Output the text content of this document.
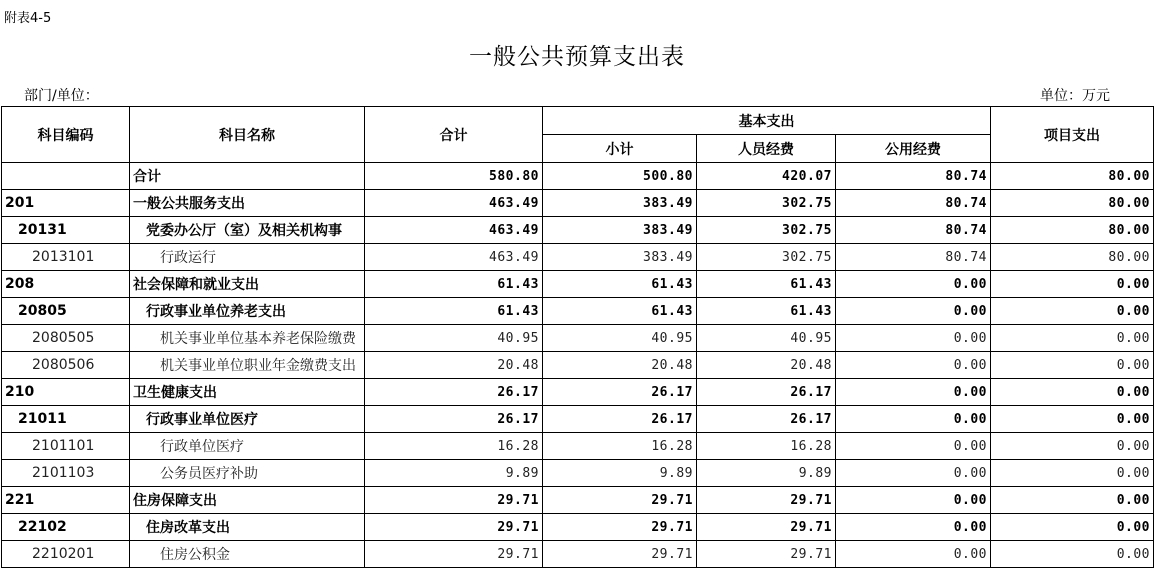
附表4-5
一般公共预算支出表
部门/单位：	单位：万元
科目编码	科目名称	合计	基本支出			项目支出
			小计	人员经费	公用经费	
	合计	580.80	500.80	420.07	80.74	80.00
201	一般公共服务支出	463.49	383.49	302.75	80.74	80.00
20131	党委办公厅（室）及相关机构事	463.49	383.49	302.75	80.74	80.00
2013101	行政运行	463.49	383.49	302.75	80.74	80.00
208	社会保障和就业支出	61.43	61.43	61.43	0.00	0.00
20805	行政事业单位养老支出	61.43	61.43	61.43	0.00	0.00
2080505	机关事业单位基本养老保险缴费	40.95	40.95	40.95	0.00	0.00
2080506	机关事业单位职业年金缴费支出	20.48	20.48	20.48	0.00	0.00
210	卫生健康支出	26.17	26.17	26.17	0.00	0.00
21011	行政事业单位医疗	26.17	26.17	26.17	0.00	0.00
2101101	行政单位医疗	16.28	16.28	16.28	0.00	0.00
2101103	公务员医疗补助	9.89	9.89	9.89	0.00	0.00
221	住房保障支出	29.71	29.71	29.71	0.00	0.00
22102	住房改革支出	29.71	29.71	29.71	0.00	0.00
2210201	住房公积金	29.71	29.71	29.71	0.00	0.00
